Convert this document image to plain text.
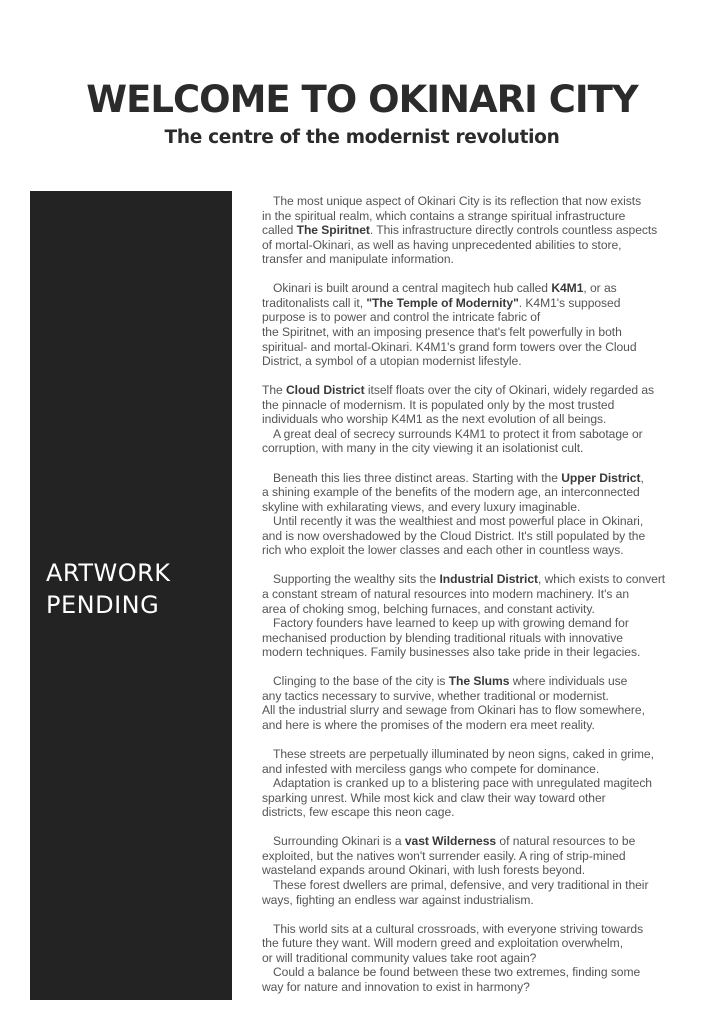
WELCOME TO OKINARI CITY
The centre of the modernist revolution
ARTWORK
PENDING
The most unique aspect of Okinari City is its reflection that now exists
in the spiritual realm, which contains a strange spiritual infrastructure
called The Spiritnet. This infrastructure directly controls countless aspects
of mortal-Okinari, as well as having unprecedented abilities to store,
transfer and manipulate information.
Okinari is built around a central magitech hub called K4M1, or as
traditonalists call it, "The Temple of Modernity". K4M1's supposed
purpose is to power and control the intricate fabric of
the Spiritnet, with an imposing presence that's felt powerfully in both
spiritual- and mortal-Okinari. K4M1's grand form towers over the Cloud
District, a symbol of a utopian modernist lifestyle.
The Cloud District itself floats over the city of Okinari, widely regarded as
the pinnacle of modernism. It is populated only by the most trusted
individuals who worship K4M1 as the next evolution of all beings.
A great deal of secrecy surrounds K4M1 to protect it from sabotage or
corruption, with many in the city viewing it an isolationist cult.
Beneath this lies three distinct areas. Starting with the Upper District,
a shining example of the benefits of the modern age, an interconnected
skyline with exhilarating views, and every luxury imaginable.
Until recently it was the wealthiest and most powerful place in Okinari,
and is now overshadowed by the Cloud District. It's still populated by the
rich who exploit the lower classes and each other in countless ways.
Supporting the wealthy sits the Industrial District, which exists to convert
a constant stream of natural resources into modern machinery. It's an
area of choking smog, belching furnaces, and constant activity.
Factory founders have learned to keep up with growing demand for
mechanised production by blending traditional rituals with innovative
modern techniques. Family businesses also take pride in their legacies.
Clinging to the base of the city is The Slums where individuals use
any tactics necessary to survive, whether traditional or modernist.
All the industrial slurry and sewage from Okinari has to flow somewhere,
and here is where the promises of the modern era meet reality.
These streets are perpetually illuminated by neon signs, caked in grime,
and infested with merciless gangs who compete for dominance.
Adaptation is cranked up to a blistering pace with unregulated magitech
sparking unrest. While most kick and claw their way toward other
districts, few escape this neon cage.
Surrounding Okinari is a vast Wilderness of natural resources to be
exploited, but the natives won't surrender easily. A ring of strip-mined
wasteland expands around Okinari, with lush forests beyond.
These forest dwellers are primal, defensive, and very traditional in their
ways, fighting an endless war against industrialism.
This world sits at a cultural crossroads, with everyone striving towards
the future they want. Will modern greed and exploitation overwhelm,
or will traditional community values take root again?
Could a balance be found between these two extremes, finding some
way for nature and innovation to exist in harmony?
